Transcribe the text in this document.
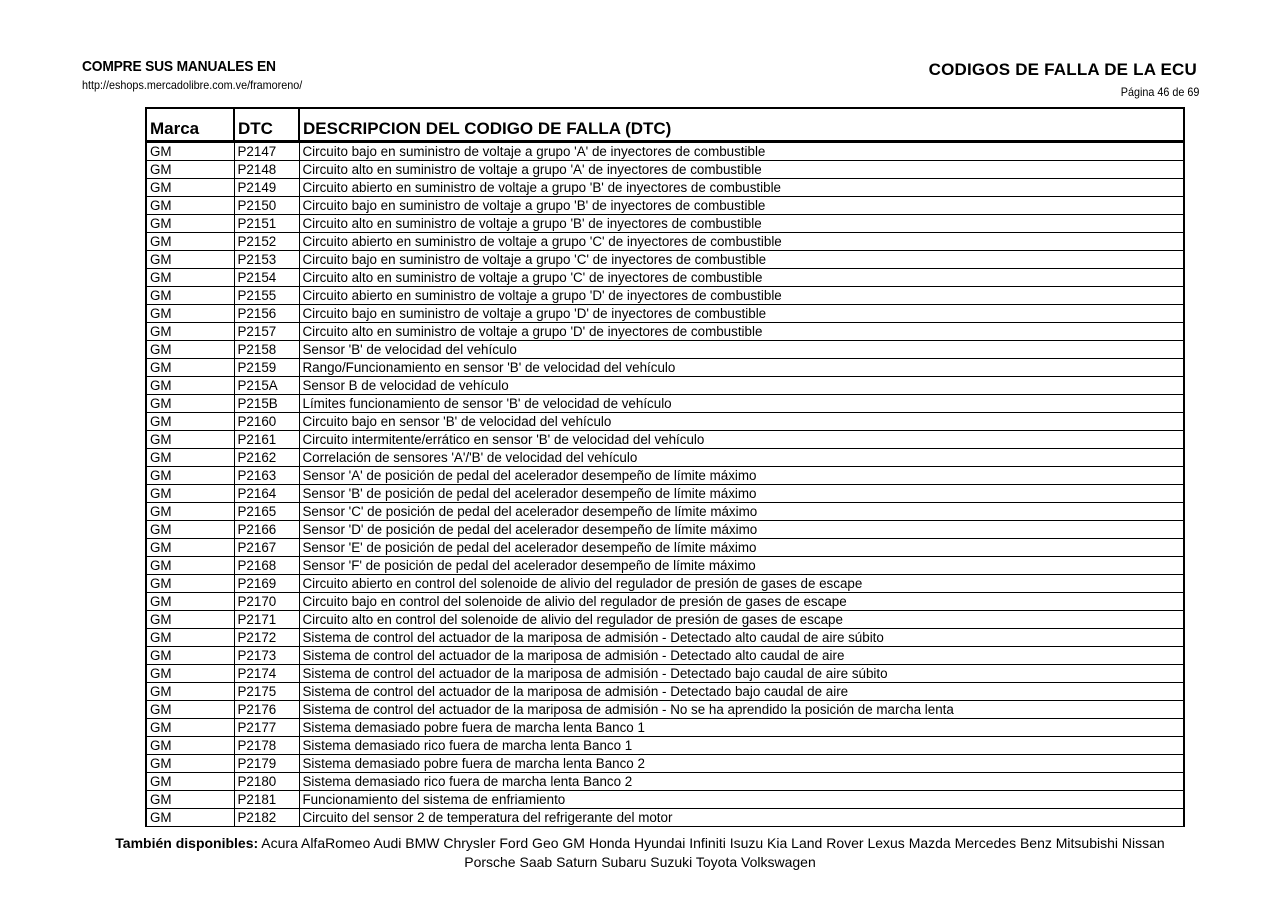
COMPRE SUS MANUALES EN
http://eshops.mercadolibre.com.ve/framoreno/
CODIGOS DE FALLA DE LA ECU
Página 46 de 69
Marca	DTC	DESCRIPCION DEL CODIGO DE FALLA (DTC)
GM	P2147	Circuito bajo en suministro de voltaje a grupo 'A' de inyectores de combustible
GM	P2148	Circuito alto en suministro de voltaje a grupo 'A' de inyectores de combustible
GM	P2149	Circuito abierto en suministro de voltaje a grupo 'B' de inyectores de combustible
GM	P2150	Circuito bajo en suministro de voltaje a grupo 'B' de inyectores de combustible
GM	P2151	Circuito alto en suministro de voltaje a grupo 'B' de inyectores de combustible
GM	P2152	Circuito abierto en suministro de voltaje a grupo 'C' de inyectores de combustible
GM	P2153	Circuito bajo en suministro de voltaje a grupo 'C' de inyectores de combustible
GM	P2154	Circuito alto en suministro de voltaje a grupo 'C' de inyectores de combustible
GM	P2155	Circuito abierto en suministro de voltaje a grupo 'D' de inyectores de combustible
GM	P2156	Circuito bajo en suministro de voltaje a grupo 'D' de inyectores de combustible
GM	P2157	Circuito alto en suministro de voltaje a grupo 'D' de inyectores de combustible
GM	P2158	Sensor 'B' de velocidad del vehículo
GM	P2159	Rango/Funcionamiento en sensor 'B' de velocidad del vehículo
GM	P215A	Sensor B de velocidad de vehículo
GM	P215B	Límites funcionamiento de sensor 'B' de velocidad de vehículo
GM	P2160	Circuito bajo en sensor 'B' de velocidad del vehículo
GM	P2161	Circuito intermitente/errático en sensor 'B' de velocidad del vehículo
GM	P2162	Correlación de sensores 'A'/'B' de velocidad del vehículo
GM	P2163	Sensor 'A' de posición de pedal del acelerador desempeño de límite máximo
GM	P2164	Sensor 'B' de posición de pedal del acelerador desempeño de límite máximo
GM	P2165	Sensor 'C' de posición de pedal del acelerador desempeño de límite máximo
GM	P2166	Sensor 'D' de posición de pedal del acelerador desempeño de límite máximo
GM	P2167	Sensor 'E' de posición de pedal del acelerador desempeño de límite máximo
GM	P2168	Sensor 'F' de posición de pedal del acelerador desempeño de límite máximo
GM	P2169	Circuito abierto en control del solenoide de alivio del regulador de presión de gases de escape
GM	P2170	Circuito bajo en control del solenoide de alivio del regulador de presión de gases de escape
GM	P2171	Circuito alto en control del solenoide de alivio del regulador de presión de gases de escape
GM	P2172	Sistema de control del actuador de la mariposa de admisión - Detectado alto caudal de aire súbito
GM	P2173	Sistema de control del actuador de la mariposa de admisión - Detectado alto caudal de aire
GM	P2174	Sistema de control del actuador de la mariposa de admisión - Detectado bajo caudal de aire súbito
GM	P2175	Sistema de control del actuador de la mariposa de admisión - Detectado bajo caudal de aire
GM	P2176	Sistema de control del actuador de la mariposa de admisión - No se ha aprendido la posición de marcha lenta
GM	P2177	Sistema demasiado pobre fuera de marcha lenta Banco 1
GM	P2178	Sistema demasiado rico fuera de marcha lenta Banco 1
GM	P2179	Sistema demasiado pobre fuera de marcha lenta Banco 2
GM	P2180	Sistema demasiado rico fuera de marcha lenta Banco 2
GM	P2181	Funcionamiento del sistema de enfriamiento
GM	P2182	Circuito del sensor 2 de temperatura del refrigerante del motor
También disponibles: Acura AlfaRomeo Audi BMW Chrysler Ford Geo GM Honda Hyundai Infiniti Isuzu Kia Land Rover Lexus Mazda Mercedes Benz Mitsubishi Nissan
Porsche Saab Saturn Subaru Suzuki Toyota Volkswagen
